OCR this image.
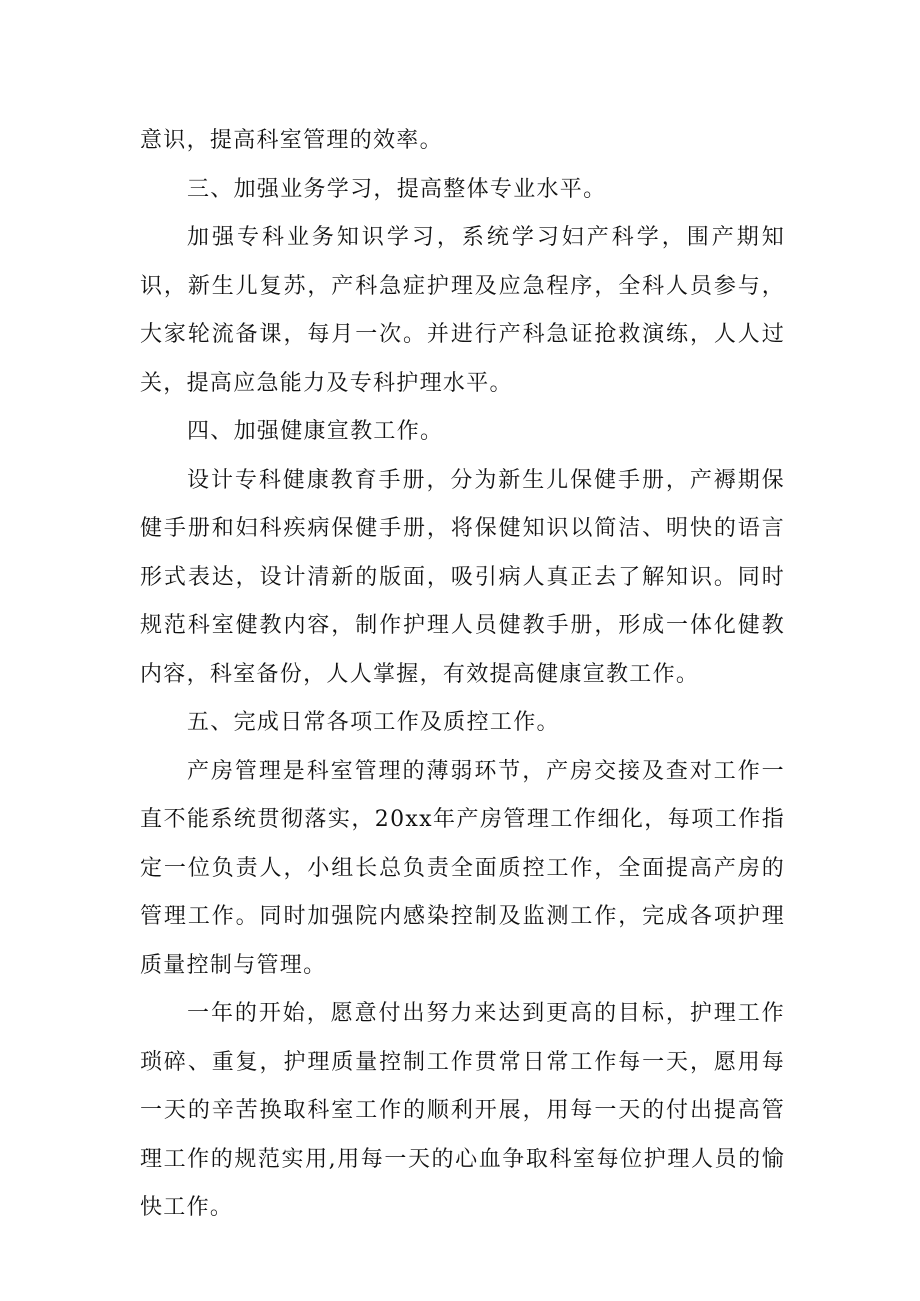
意识，提高科室管理的效率。

三、加强业务学习，提高整体专业水平。

加强专科业务知识学习，系统学习妇产科学，围产期知识，新生儿复苏，产科急症护理及应急程序，全科人员参与，大家轮流备课，每月一次。并进行产科急证抢救演练，人人过关，提高应急能力及专科护理水平。

四、加强健康宣教工作。

设计专科健康教育手册，分为新生儿保健手册，产褥期保健手册和妇科疾病保健手册，将保健知识以简洁、明快的语言形式表达，设计清新的版面，吸引病人真正去了解知识。同时规范科室健教内容，制作护理人员健教手册，形成一体化健教内容，科室备份，人人掌握，有效提高健康宣教工作。

五、完成日常各项工作及质控工作。

产房管理是科室管理的薄弱环节，产房交接及查对工作一直不能系统贯彻落实，20xx年产房管理工作细化，每项工作指定一位负责人，小组长总负责全面质控工作，全面提高产房的管理工作。同时加强院内感染控制及监测工作，完成各项护理质量控制与管理。

一年的开始，愿意付出努力来达到更高的目标，护理工作琐碎、重复，护理质量控制工作贯常日常工作每一天，愿用每一天的辛苦换取科室工作的顺利开展，用每一天的付出提高管理工作的规范实用,用每一天的心血争取科室每位护理人员的愉快工作。
